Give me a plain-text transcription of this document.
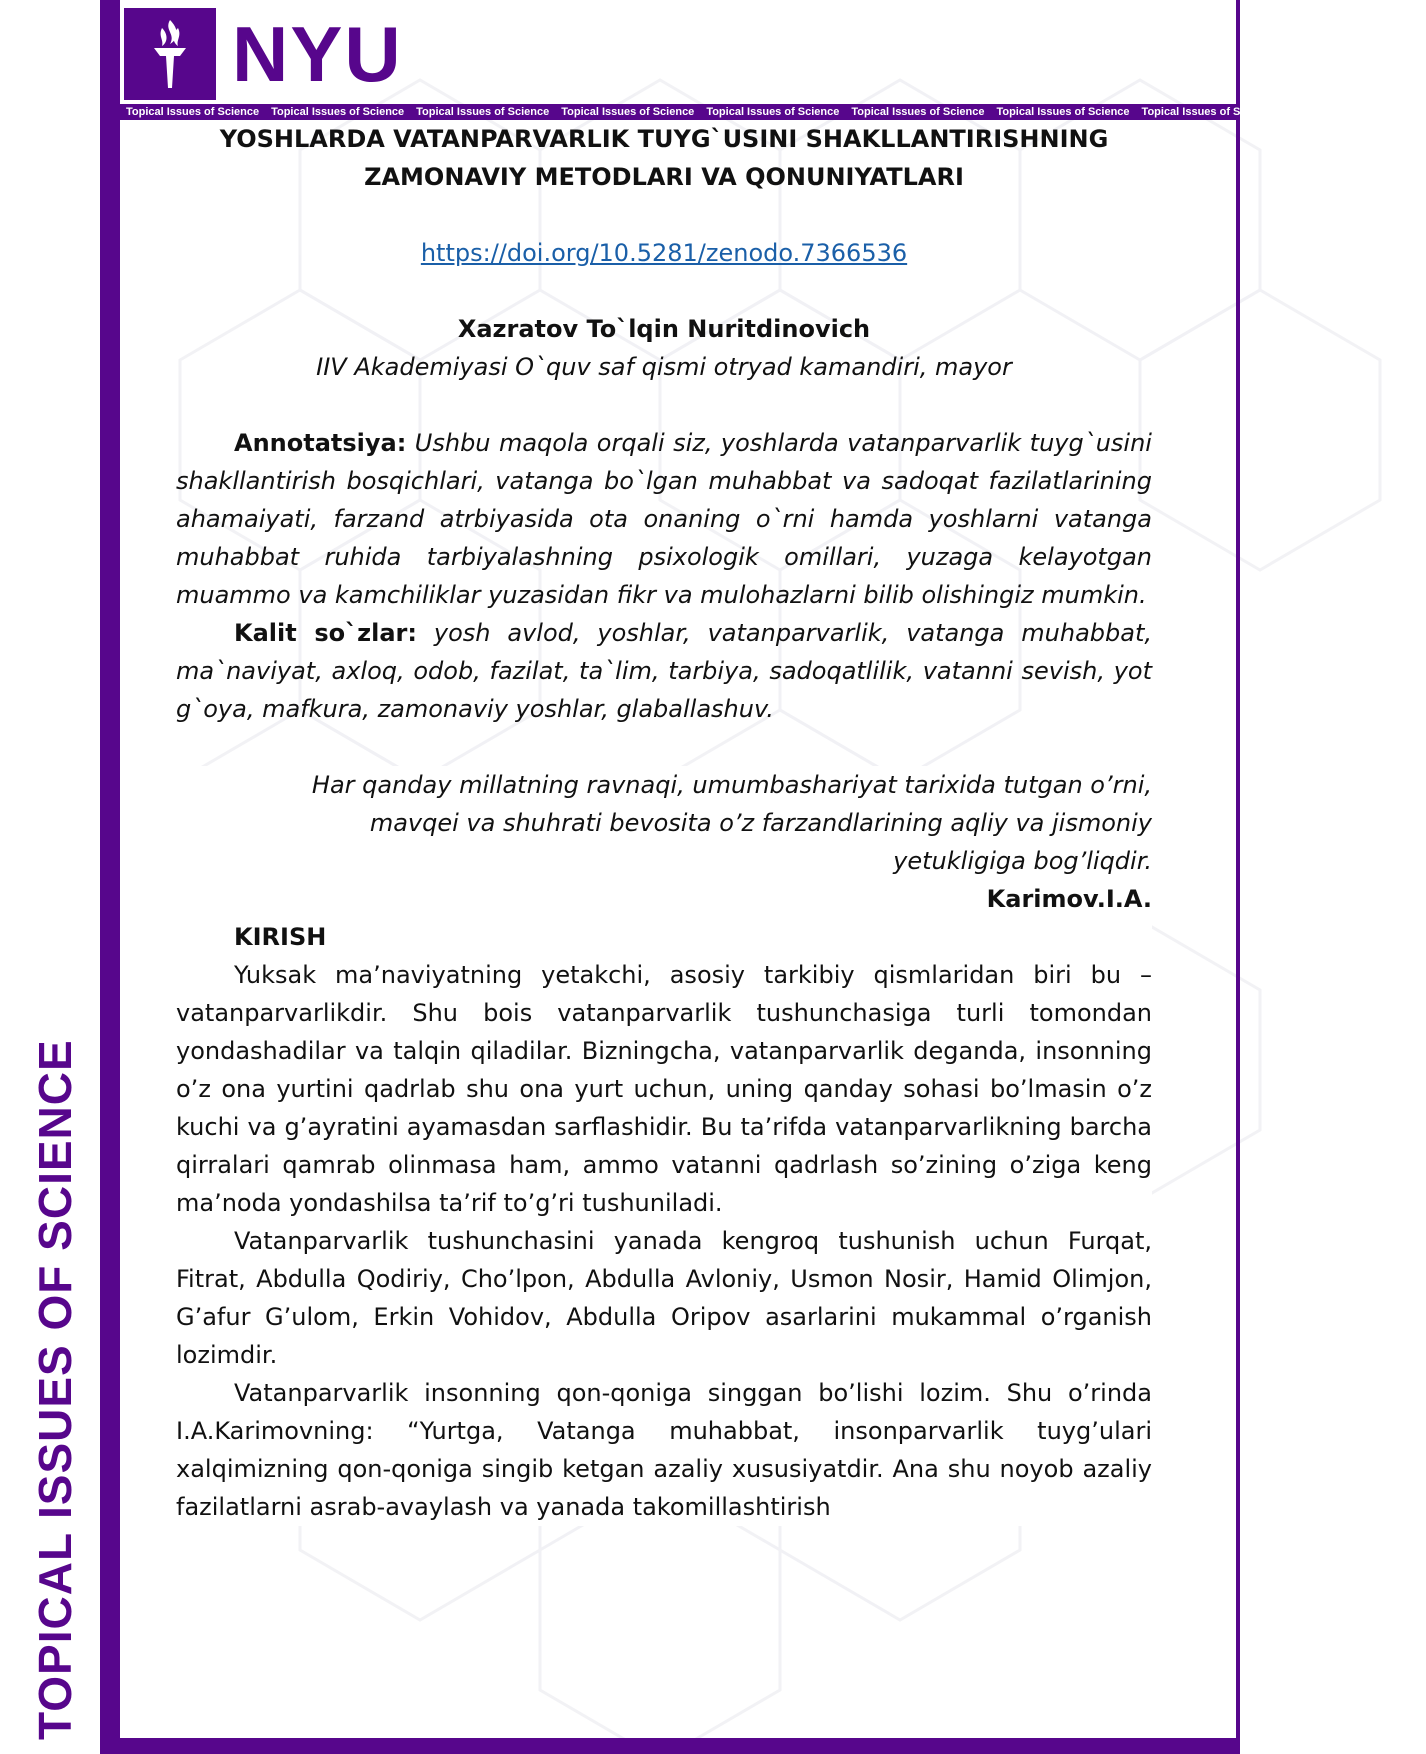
NYU
Topical Issues of Science	Topical Issues of Science	Topical Issues of Science	Topical Issues of Science	Topical Issues of Science	Topical Issues of Science	Topical Issues of Science	Topical Issues of Science	Topical Issues of Science
TOPICAL ISSUES OF SCIENCE
YOSHLARDA VATANPARVARLIK TUYG`USINI SHAKLLANTIRISHNING
ZAMONAVIY METODLARI VA QONUNIYATLARI
https://doi.org/10.5281/zenodo.7366536
Xazratov To`lqin Nuritdinovich
IIV Akademiyasi O`quv saf qismi otryad kamandiri, mayor

Annotatsiya: Ushbu maqola orqali siz, yoshlarda vatanparvarlik tuyg`usini shakllantirish bosqichlari, vatanga bo`lgan muhabbat va sadoqat fazilatlarining ahamaiyati, farzand atrbiyasida ota onaning o`rni hamda yoshlarni vatanga muhabbat ruhida tarbiyalashning psixologik omillari, yuzaga kelayotgan muammo va kamchiliklar yuzasidan fikr va mulohazlarni bilib olishingiz mumkin.

Kalit so`zlar: yosh avlod, yoshlar, vatanparvarlik, vatanga muhabbat, ma`naviyat, axloq, odob, fazilat, ta`lim, tarbiya, sadoqatlilik, vatanni sevish, yot g`oya, mafkura, zamonaviy yoshlar, glaballashuv.

Har qanday millatning ravnaqi, umumbashariyat tarixida tutgan o’rni, mavqei va shuhrati bevosita o’z farzandlarining aqliy va jismoniy yetukligiga bog’liqdir.
Karimov.I.A.
KIRISH

Yuksak ma’naviyatning yetakchi, asosiy tarkibiy qismlaridan biri bu – vatanparvarlikdir. Shu bois vatanparvarlik tushunchasiga turli tomondan yondashadilar va talqin qiladilar. Bizningcha, vatanparvarlik deganda, insonning o’z ona yurtini qadrlab shu ona yurt uchun, uning qanday sohasi bo’lmasin o’z kuchi va g’ayratini ayamasdan sarflashidir. Bu ta’rifda vatanparvarlikning barcha qirralari qamrab olinmasa ham, ammo vatanni qadrlash so’zining o’ziga keng ma’noda yondashilsa ta’rif to’g’ri tushuniladi.

Vatanparvarlik tushunchasini yanada kengroq tushunish uchun Furqat, Fitrat, Abdulla Qodiriy, Cho’lpon, Abdulla Avloniy, Usmon Nosir, Hamid Olimjon, G’afur G’ulom, Erkin Vohidov, Abdulla Oripov asarlarini mukammal o’rganish lozimdir.

Vatanparvarlik insonning qon-qoniga singgan bo’lishi lozim. Shu o’rinda I.A.Karimovning: “Yurtga, Vatanga muhabbat, insonparvarlik tuyg’ulari xalqimizning qon-qoniga singib ketgan azaliy xususiyatdir. Ana shu noyob azaliy fazilatlarni asrab-avaylash va yanada takomillashtirish
